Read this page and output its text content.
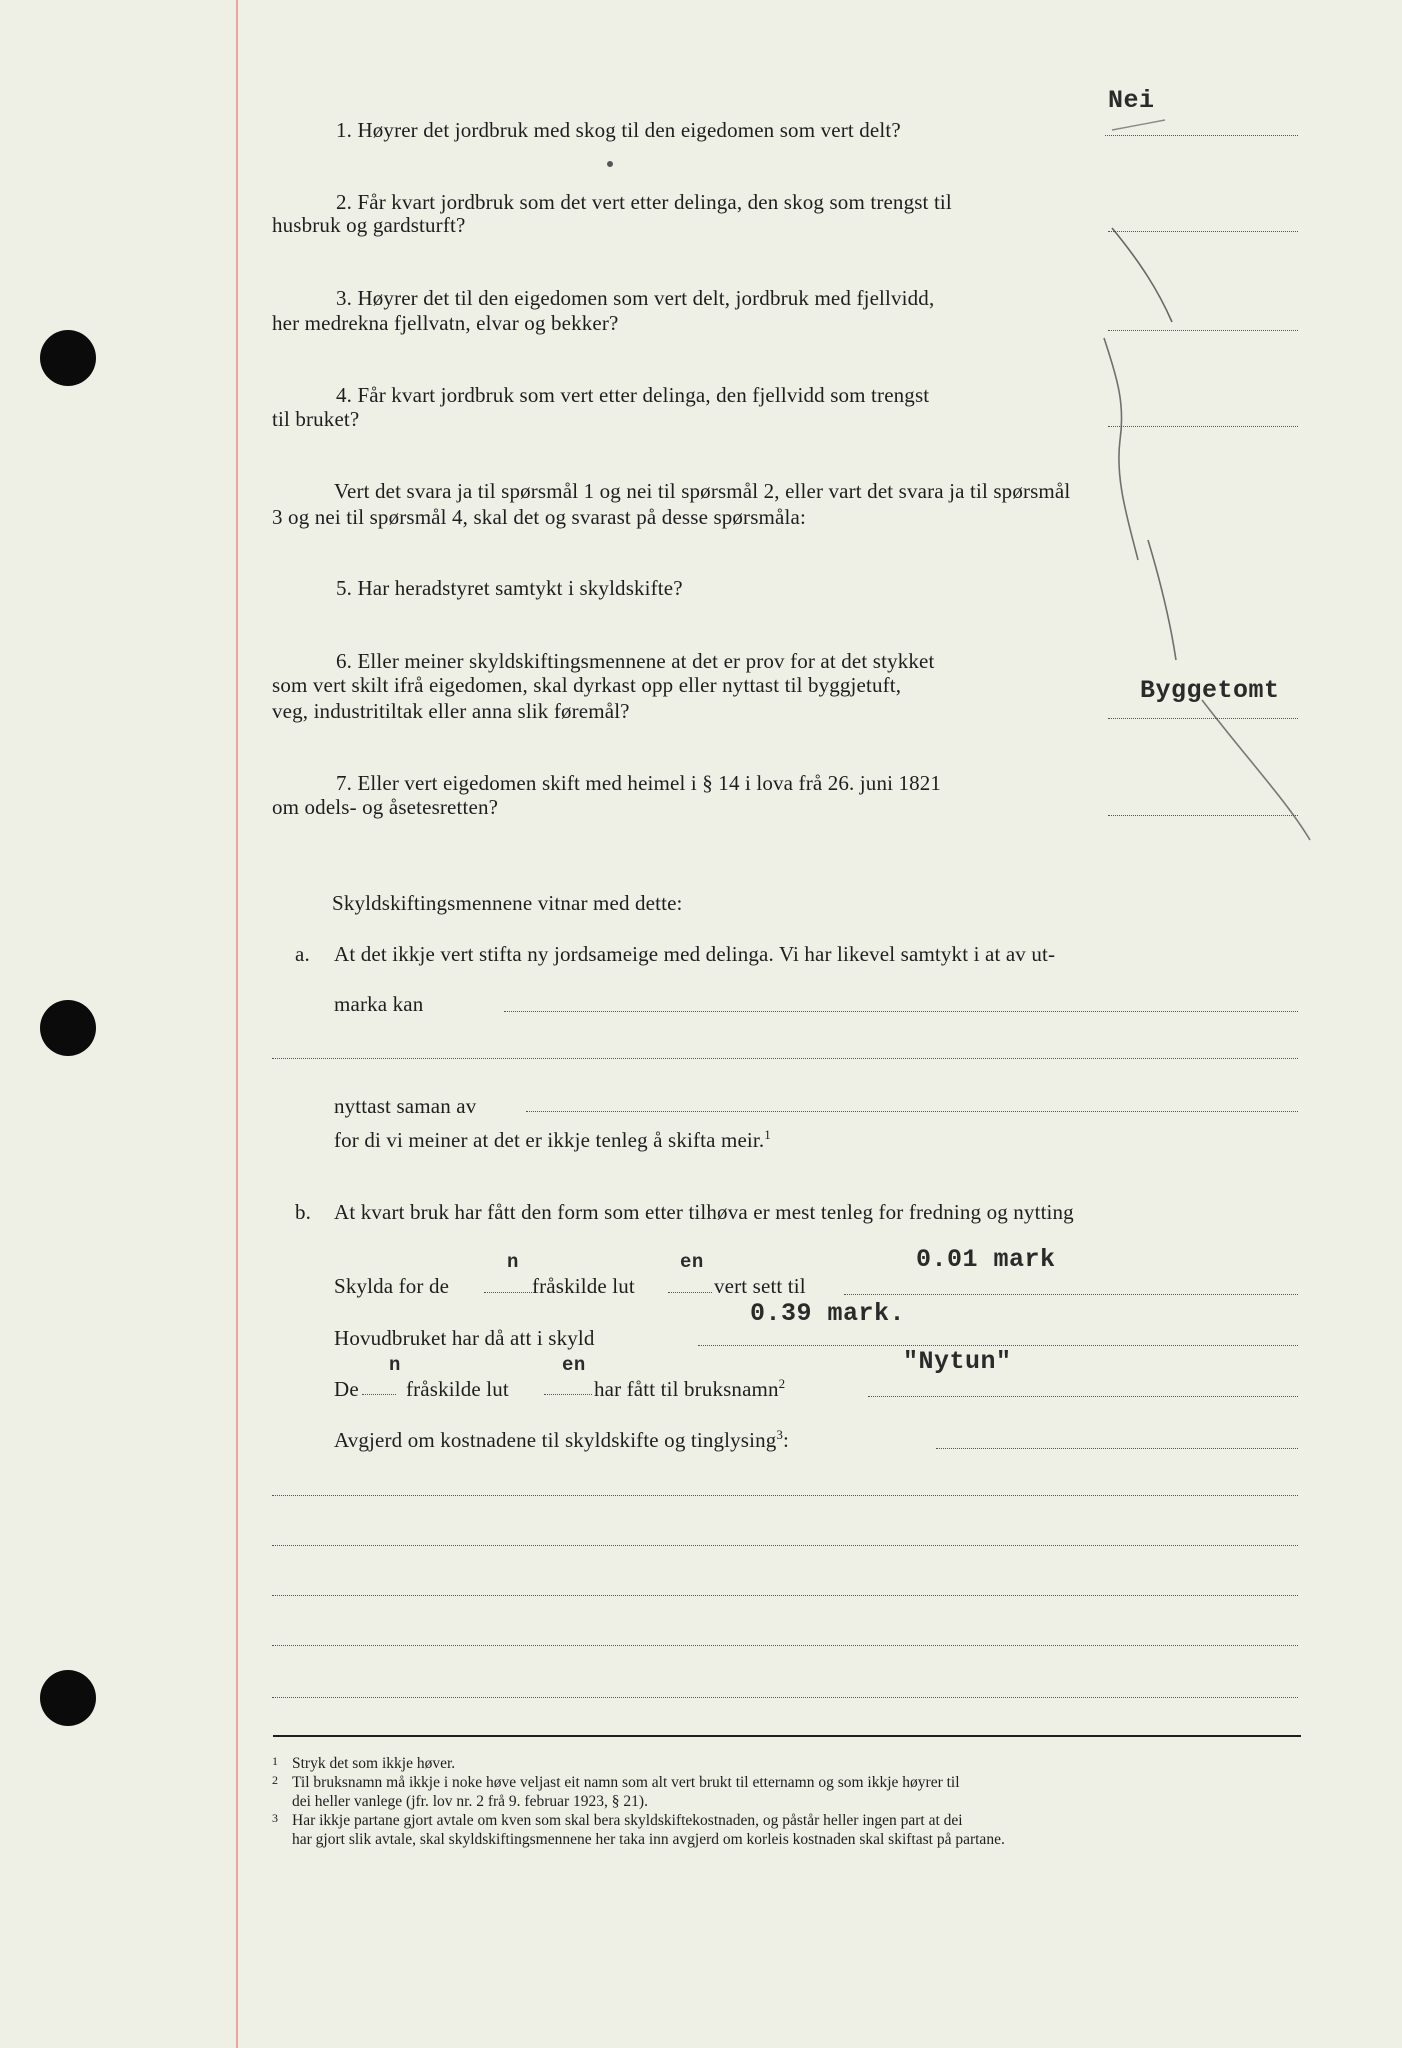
1. Høyrer det jordbruk med skog til den eigedomen som vert delt?
Nei
2. Får kvart jordbruk som det vert etter delinga, den skog som trengst til
husbruk og gardsturft?
3. Høyrer det til den eigedomen som vert delt, jordbruk med fjellvidd,
her medrekna fjellvatn, elvar og bekker?
4. Får kvart jordbruk som vert etter delinga, den fjellvidd som trengst
til bruket?
Vert det svara ja til spørsmål 1 og nei til spørsmål 2, eller vart det svara ja til spørsmål
3 og nei til spørsmål 4, skal det og svarast på desse spørsmåla:
5. Har heradstyret samtykt i skyldskifte?
6. Eller meiner skyldskiftingsmennene at det er prov for at det stykket
som vert skilt ifrå eigedomen, skal dyrkast opp eller nyttast til byggjetuft,
veg, industritiltak eller anna slik føremål?
Byggetomt
7. Eller vert eigedomen skift med heimel i § 14 i lova frå 26. juni 1821
om odels- og åsetesretten?
Skyldskiftingsmennene vitnar med dette:
a. At det ikkje vert stifta ny jordsameige med delinga. Vi har likevel samtykt i at av ut-
marka kan
nyttast saman av
for di vi meiner at det er ikkje tenleg å skifta meir.$^1$
b. At kvart bruk har fått den form som etter tilhøva er mest tenleg for fredning og nytting
Skylda for de
n
fråskilde lut
en
vert sett til
0.01 mark
Hovudbruket har då att i skyld
0.39 mark.
De
n
fråskilde lut
en
har fått til bruksnamn$^2$
"Nytun"
Avgjerd om kostnadene til skyldskifte og tinglysing$^3$:
1 Stryk det som ikkje høver.
2 Til bruksnamn må ikkje i noke høve veljast eit namn som alt vert brukt til etternamn og som ikkje høyrer til
dei heller vanlege (jfr. lov nr. 2 frå 9. februar 1923, § 21).
3 Har ikkje partane gjort avtale om kven som skal bera skyldskiftekostnaden, og påstår heller ingen part at dei
har gjort slik avtale, skal skyldskiftingsmennene her taka inn avgjerd om korleis kostnaden skal skiftast på partane.
